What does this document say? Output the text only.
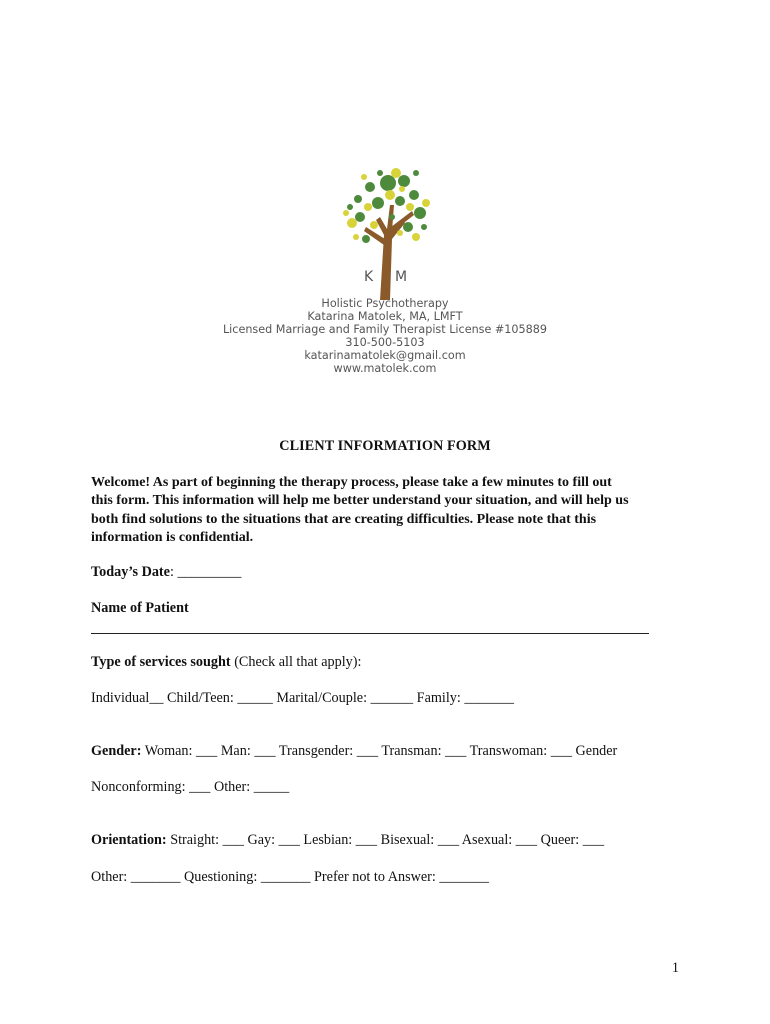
K M
Holistic Psychotherapy
Katarina Matolek, MA, LMFT
Licensed Marriage and Family Therapist License #105889
310-500-5103
katarinamatolek@gmail.com
www.matolek.com
CLIENT INFORMATION FORM
Welcome! As part of beginning the therapy process, please take a few minutes to fill out
this form. This information will help me better understand your situation, and will help us
both find solutions to the situations that are creating difficulties. Please note that this
information is confidential.
Today’s Date: _________
Name of Patient
Type of services sought (Check all that apply):
Individual__ Child/Teen: _____ Marital/Couple: ______ Family: _______
Gender: Woman: ___ Man: ___ Transgender: ___ Transman: ___ Transwoman: ___ Gender
Nonconforming: ___ Other: _____
Orientation: Straight: ___ Gay: ___ Lesbian: ___ Bisexual: ___ Asexual: ___ Queer: ___
Other: _______ Questioning: _______ Prefer not to Answer: _______
1
